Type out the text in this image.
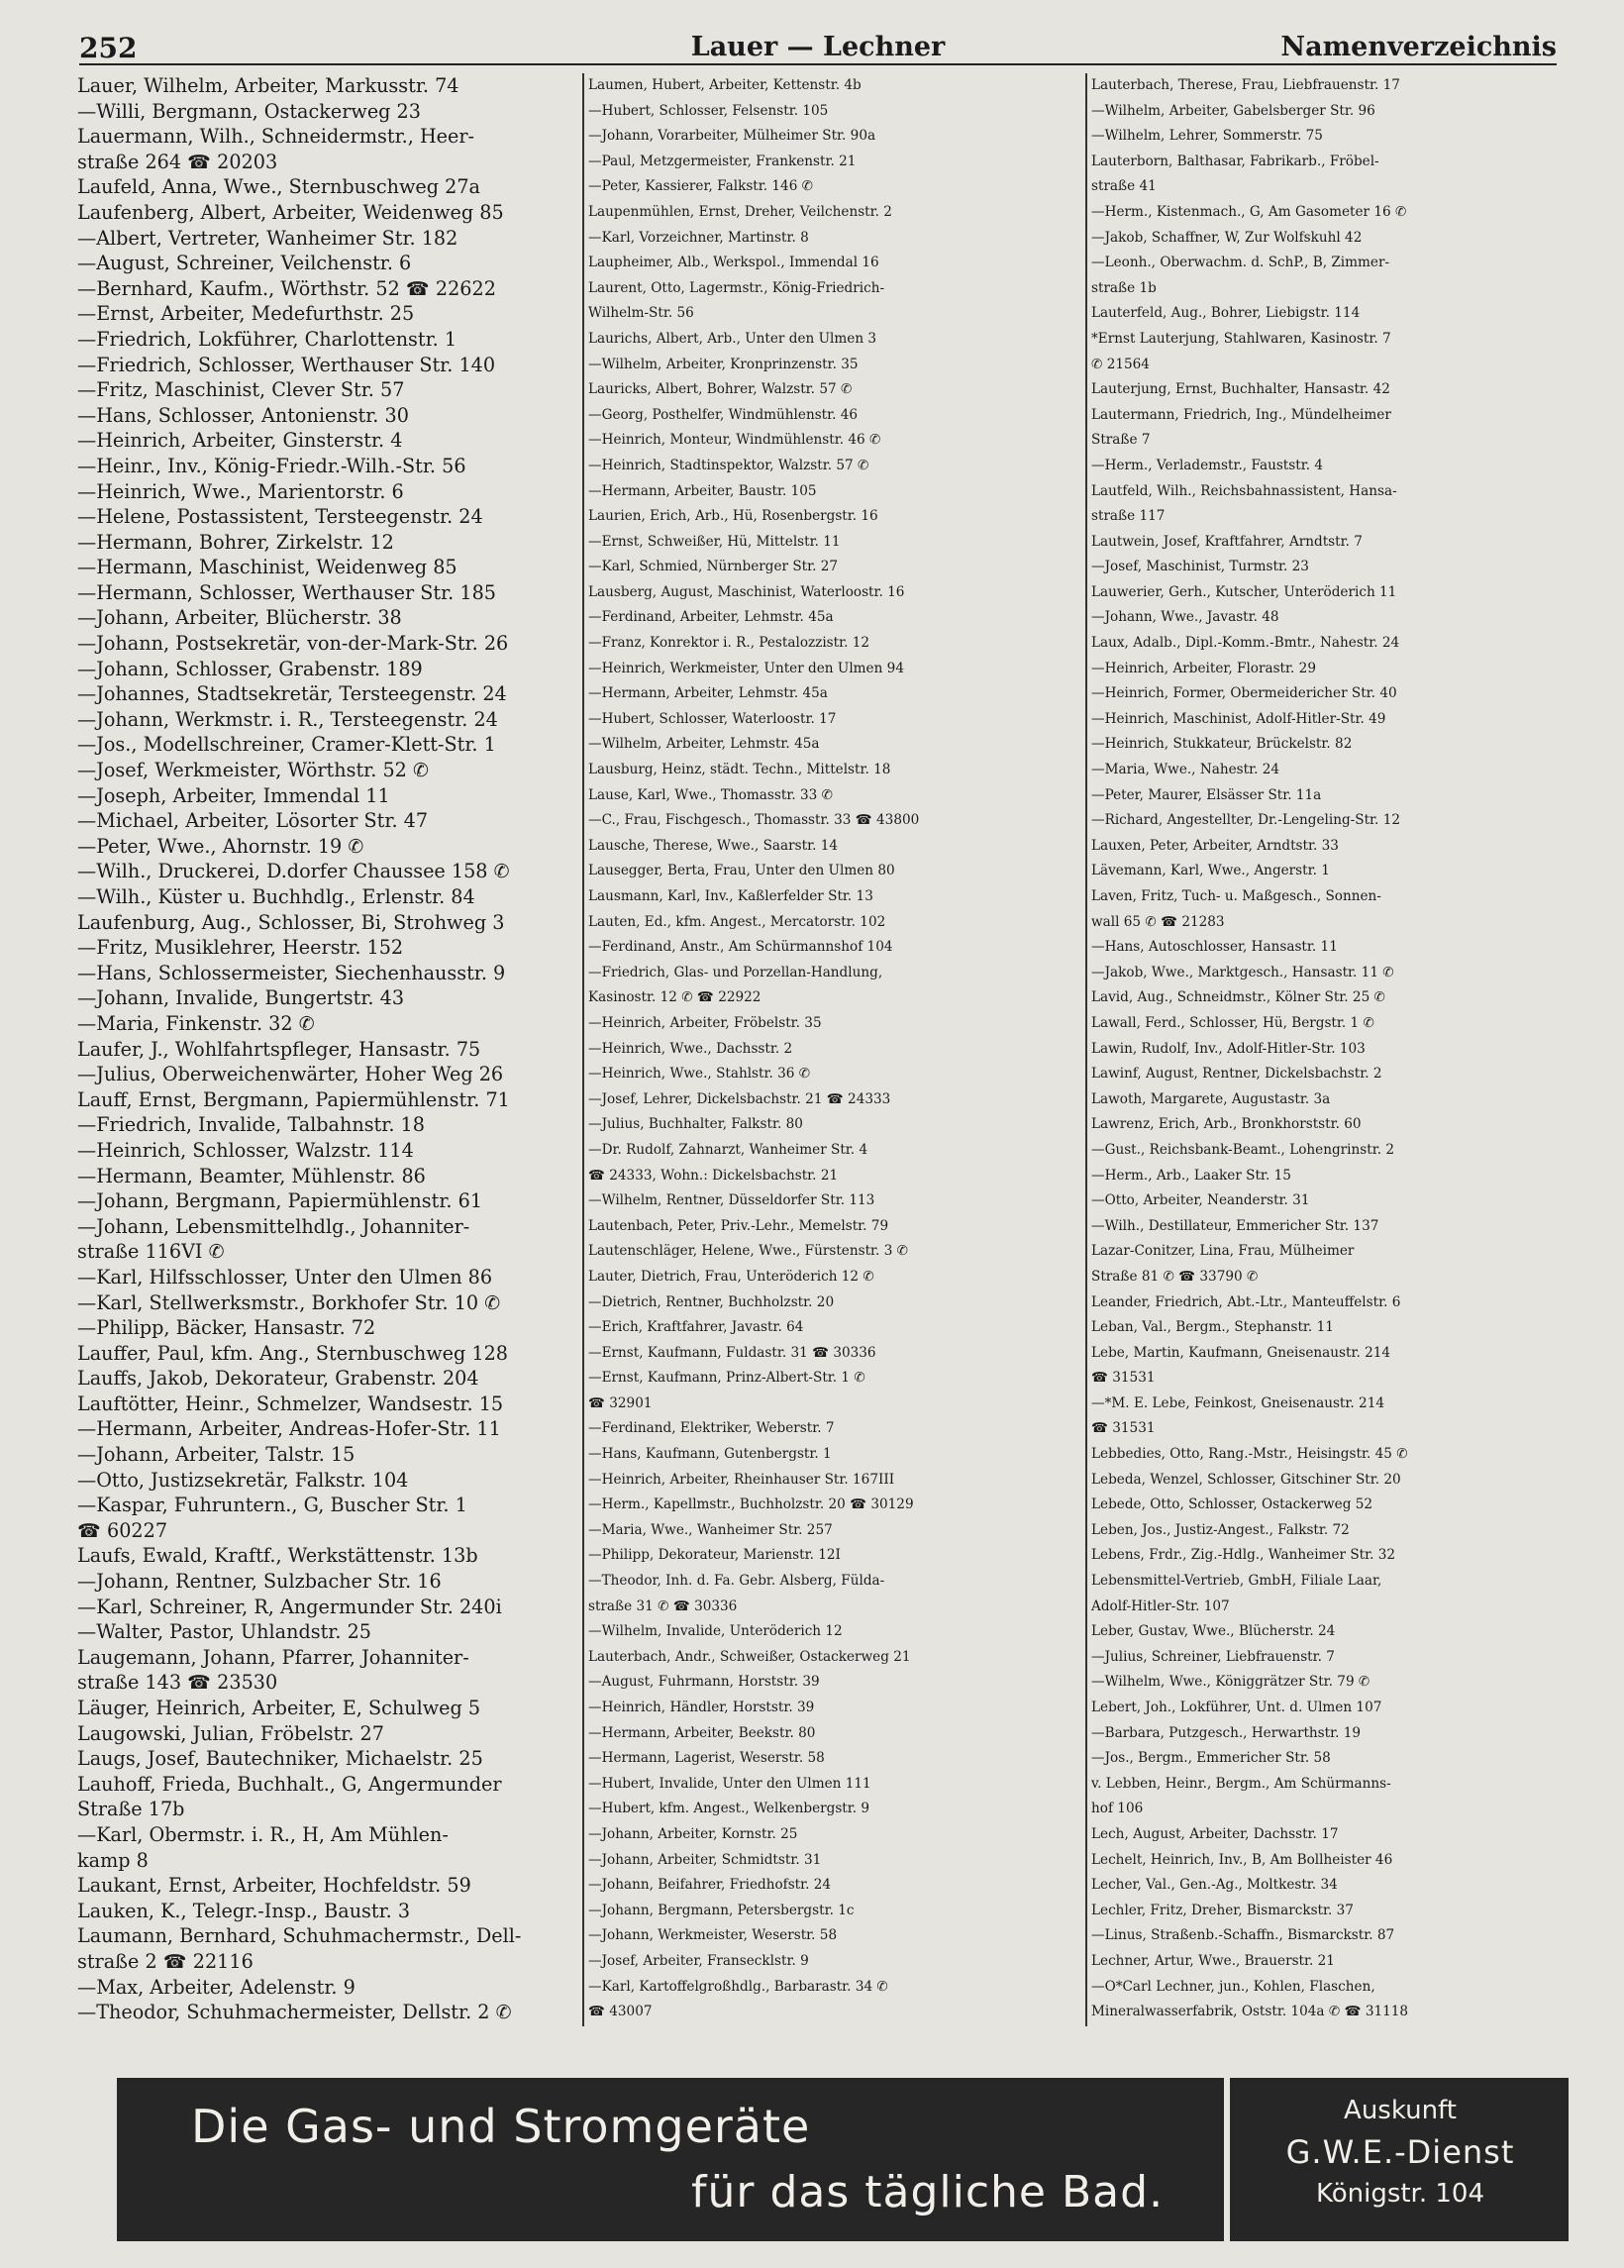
252	Lauer — Lechner	Namenverzeichnis
Lauer, Wilhelm, Arbeiter, Markusstr. 74
—Willi, Bergmann, Ostackerweg 23
Lauermann, Wilh., Schneidermstr., Heer-
straße 264 ☎ 20203
Laufeld, Anna, Wwe., Sternbuschweg 27a
Laufenberg, Albert, Arbeiter, Weidenweg 85
—Albert, Vertreter, Wanheimer Str. 182
—August, Schreiner, Veilchenstr. 6
—Bernhard, Kaufm., Wörthstr. 52 ☎ 22622
—Ernst, Arbeiter, Medefurthstr. 25
—Friedrich, Lokführer, Charlottenstr. 1
—Friedrich, Schlosser, Werthauser Str. 140
—Fritz, Maschinist, Clever Str. 57
—Hans, Schlosser, Antonienstr. 30
—Heinrich, Arbeiter, Ginsterstr. 4
—Heinr., Inv., König-Friedr.-Wilh.-Str. 56
—Heinrich, Wwe., Marientorstr. 6
—Helene, Postassistent, Tersteegenstr. 24
—Hermann, Bohrer, Zirkelstr. 12
—Hermann, Maschinist, Weidenweg 85
—Hermann, Schlosser, Werthauser Str. 185
—Johann, Arbeiter, Blücherstr. 38
—Johann, Postsekretär, von-der-Mark-Str. 26
—Johann, Schlosser, Grabenstr. 189
—Johannes, Stadtsekretär, Tersteegenstr. 24
—Johann, Werkmstr. i. R., Tersteegenstr. 24
—Jos., Modellschreiner, Cramer-Klett-Str. 1
—Josef, Werkmeister, Wörthstr. 52 ✆
—Joseph, Arbeiter, Immendal 11
—Michael, Arbeiter, Lösorter Str. 47
—Peter, Wwe., Ahornstr. 19 ✆
—Wilh., Druckerei, D.dorfer Chaussee 158 ✆
—Wilh., Küster u. Buchhdlg., Erlenstr. 84
Laufenburg, Aug., Schlosser, Bi, Strohweg 3
—Fritz, Musiklehrer, Heerstr. 152
—Hans, Schlossermeister, Siechenhausstr. 9
—Johann, Invalide, Bungertstr. 43
—Maria, Finkenstr. 32 ✆
Laufer, J., Wohlfahrtspfleger, Hansastr. 75
—Julius, Oberweichenwärter, Hoher Weg 26
Lauff, Ernst, Bergmann, Papiermühlenstr. 71
—Friedrich, Invalide, Talbahnstr. 18
—Heinrich, Schlosser, Walzstr. 114
—Hermann, Beamter, Mühlenstr. 86
—Johann, Bergmann, Papiermühlenstr. 61
—Johann, Lebensmittelhdlg., Johanniter-
straße 116VI ✆
—Karl, Hilfsschlosser, Unter den Ulmen 86
—Karl, Stellwerksmstr., Borkhofer Str. 10 ✆
—Philipp, Bäcker, Hansastr. 72
Lauffer, Paul, kfm. Ang., Sternbuschweg 128
Lauffs, Jakob, Dekorateur, Grabenstr. 204
Lauftötter, Heinr., Schmelzer, Wandsestr. 15
—Hermann, Arbeiter, Andreas-Hofer-Str. 11
—Johann, Arbeiter, Talstr. 15
—Otto, Justizsekretär, Falkstr. 104
—Kaspar, Fuhruntern., G, Buscher Str. 1
☎ 60227
Laufs, Ewald, Kraftf., Werkstättenstr. 13b
—Johann, Rentner, Sulzbacher Str. 16
—Karl, Schreiner, R, Angermunder Str. 240i
—Walter, Pastor, Uhlandstr. 25
Laugemann, Johann, Pfarrer, Johanniter-
straße 143 ☎ 23530
Läuger, Heinrich, Arbeiter, E, Schulweg 5
Laugowski, Julian, Fröbelstr. 27
Laugs, Josef, Bautechniker, Michaelstr. 25
Lauhoff, Frieda, Buchhalt., G, Angermunder
Straße 17b
—Karl, Obermstr. i. R., H, Am Mühlen-
kamp 8
Laukant, Ernst, Arbeiter, Hochfeldstr. 59
Lauken, K., Telegr.-Insp., Baustr. 3
Laumann, Bernhard, Schuhmachermstr., Dell-
straße 2 ☎ 22116
—Max, Arbeiter, Adelenstr. 9
—Theodor, Schuhmachermeister, Dellstr. 2 ✆
Laumen, Hubert, Arbeiter, Kettenstr. 4b
—Hubert, Schlosser, Felsenstr. 105
—Johann, Vorarbeiter, Mülheimer Str. 90a
—Paul, Metzgermeister, Frankenstr. 21
—Peter, Kassierer, Falkstr. 146 ✆
Laupenmühlen, Ernst, Dreher, Veilchenstr. 2
—Karl, Vorzeichner, Martinstr. 8
Laupheimer, Alb., Werkspol., Immendal 16
Laurent, Otto, Lagermstr., König-Friedrich-
Wilhelm-Str. 56
Laurichs, Albert, Arb., Unter den Ulmen 3
—Wilhelm, Arbeiter, Kronprinzenstr. 35
Lauricks, Albert, Bohrer, Walzstr. 57 ✆
—Georg, Posthelfer, Windmühlenstr. 46
—Heinrich, Monteur, Windmühlenstr. 46 ✆
—Heinrich, Stadtinspektor, Walzstr. 57 ✆
—Hermann, Arbeiter, Baustr. 105
Laurien, Erich, Arb., Hü, Rosenbergstr. 16
—Ernst, Schweißer, Hü, Mittelstr. 11
—Karl, Schmied, Nürnberger Str. 27
Lausberg, August, Maschinist, Waterloostr. 16
—Ferdinand, Arbeiter, Lehmstr. 45a
—Franz, Konrektor i. R., Pestalozzistr. 12
—Heinrich, Werkmeister, Unter den Ulmen 94
—Hermann, Arbeiter, Lehmstr. 45a
—Hubert, Schlosser, Waterloostr. 17
—Wilhelm, Arbeiter, Lehmstr. 45a
Lausburg, Heinz, städt. Techn., Mittelstr. 18
Lause, Karl, Wwe., Thomasstr. 33 ✆
—C., Frau, Fischgesch., Thomasstr. 33 ☎ 43800
Lausche, Therese, Wwe., Saarstr. 14
Lausegger, Berta, Frau, Unter den Ulmen 80
Lausmann, Karl, Inv., Kaßlerfelder Str. 13
Lauten, Ed., kfm. Angest., Mercatorstr. 102
—Ferdinand, Anstr., Am Schürmannshof 104
—Friedrich, Glas- und Porzellan-Handlung,
Kasinostr. 12 ✆ ☎ 22922
—Heinrich, Arbeiter, Fröbelstr. 35
—Heinrich, Wwe., Dachsstr. 2
—Heinrich, Wwe., Stahlstr. 36 ✆
—Josef, Lehrer, Dickelsbachstr. 21 ☎ 24333
—Julius, Buchhalter, Falkstr. 80
—Dr. Rudolf, Zahnarzt, Wanheimer Str. 4
☎ 24333, Wohn.: Dickelsbachstr. 21
—Wilhelm, Rentner, Düsseldorfer Str. 113
Lautenbach, Peter, Priv.-Lehr., Memelstr. 79
Lautenschläger, Helene, Wwe., Fürstenstr. 3 ✆
Lauter, Dietrich, Frau, Unteröderich 12 ✆
—Dietrich, Rentner, Buchholzstr. 20
—Erich, Kraftfahrer, Javastr. 64
—Ernst, Kaufmann, Fuldastr. 31 ☎ 30336
—Ernst, Kaufmann, Prinz-Albert-Str. 1 ✆
☎ 32901
—Ferdinand, Elektriker, Weberstr. 7
—Hans, Kaufmann, Gutenbergstr. 1
—Heinrich, Arbeiter, Rheinhauser Str. 167III
—Herm., Kapellmstr., Buchholzstr. 20 ☎ 30129
—Maria, Wwe., Wanheimer Str. 257
—Philipp, Dekorateur, Marienstr. 12I
—Theodor, Inh. d. Fa. Gebr. Alsberg, Fülda-
straße 31 ✆ ☎ 30336
—Wilhelm, Invalide, Unteröderich 12
Lauterbach, Andr., Schweißer, Ostackerweg 21
—August, Fuhrmann, Horststr. 39
—Heinrich, Händler, Horststr. 39
—Hermann, Arbeiter, Beekstr. 80
—Hermann, Lagerist, Weserstr. 58
—Hubert, Invalide, Unter den Ulmen 111
—Hubert, kfm. Angest., Welkenbergstr. 9
—Johann, Arbeiter, Kornstr. 25
—Johann, Arbeiter, Schmidtstr. 31
—Johann, Beifahrer, Friedhofstr. 24
—Johann, Bergmann, Petersbergstr. 1c
—Johann, Werkmeister, Weserstr. 58
—Josef, Arbeiter, Fransecklstr. 9
—Karl, Kartoffelgroßhdlg., Barbarastr. 34 ✆
☎ 43007
Lauterbach, Therese, Frau, Liebfrauenstr. 17
—Wilhelm, Arbeiter, Gabelsberger Str. 96
—Wilhelm, Lehrer, Sommerstr. 75
Lauterborn, Balthasar, Fabrikarb., Fröbel-
straße 41
—Herm., Kistenmach., G, Am Gasometer 16 ✆
—Jakob, Schaffner, W, Zur Wolfskuhl 42
—Leonh., Oberwachm. d. SchP., B, Zimmer-
straße 1b
Lauterfeld, Aug., Bohrer, Liebigstr. 114
*Ernst Lauterjung, Stahlwaren, Kasinostr. 7
✆ 21564
Lauterjung, Ernst, Buchhalter, Hansastr. 42
Lautermann, Friedrich, Ing., Mündelheimer
Straße 7
—Herm., Verlademstr., Fauststr. 4
Lautfeld, Wilh., Reichsbahnassistent, Hansa-
straße 117
Lautwein, Josef, Kraftfahrer, Arndtstr. 7
—Josef, Maschinist, Turmstr. 23
Lauwerier, Gerh., Kutscher, Unteröderich 11
—Johann, Wwe., Javastr. 48
Laux, Adalb., Dipl.-Komm.-Bmtr., Nahestr. 24
—Heinrich, Arbeiter, Florastr. 29
—Heinrich, Former, Obermeidericher Str. 40
—Heinrich, Maschinist, Adolf-Hitler-Str. 49
—Heinrich, Stukkateur, Brückelstr. 82
—Maria, Wwe., Nahestr. 24
—Peter, Maurer, Elsässer Str. 11a
—Richard, Angestellter, Dr.-Lengeling-Str. 12
Lauxen, Peter, Arbeiter, Arndtstr. 33
Lävemann, Karl, Wwe., Angerstr. 1
Laven, Fritz, Tuch- u. Maßgesch., Sonnen-
wall 65 ✆ ☎ 21283
—Hans, Autoschlosser, Hansastr. 11
—Jakob, Wwe., Marktgesch., Hansastr. 11 ✆
Lavid, Aug., Schneidmstr., Kölner Str. 25 ✆
Lawall, Ferd., Schlosser, Hü, Bergstr. 1 ✆
Lawin, Rudolf, Inv., Adolf-Hitler-Str. 103
Lawinf, August, Rentner, Dickelsbachstr. 2
Lawoth, Margarete, Augustastr. 3a
Lawrenz, Erich, Arb., Bronkhorststr. 60
—Gust., Reichsbank-Beamt., Lohengrinstr. 2
—Herm., Arb., Laaker Str. 15
—Otto, Arbeiter, Neanderstr. 31
—Wilh., Destillateur, Emmericher Str. 137
Lazar-Conitzer, Lina, Frau, Mülheimer
Straße 81 ✆ ☎ 33790 ✆
Leander, Friedrich, Abt.-Ltr., Manteuffelstr. 6
Leban, Val., Bergm., Stephanstr. 11
Lebe, Martin, Kaufmann, Gneisenaustr. 214
☎ 31531
—*M. E. Lebe, Feinkost, Gneisenaustr. 214
☎ 31531
Lebbedies, Otto, Rang.-Mstr., Heisingstr. 45 ✆
Lebeda, Wenzel, Schlosser, Gitschiner Str. 20
Lebede, Otto, Schlosser, Ostackerweg 52
Leben, Jos., Justiz-Angest., Falkstr. 72
Lebens, Frdr., Zig.-Hdlg., Wanheimer Str. 32
Lebensmittel-Vertrieb, GmbH, Filiale Laar,
Adolf-Hitler-Str. 107
Leber, Gustav, Wwe., Blücherstr. 24
—Julius, Schreiner, Liebfrauenstr. 7
—Wilhelm, Wwe., Königgrätzer Str. 79 ✆
Lebert, Joh., Lokführer, Unt. d. Ulmen 107
—Barbara, Putzgesch., Herwarthstr. 19
—Jos., Bergm., Emmericher Str. 58
v. Lebben, Heinr., Bergm., Am Schürmanns-
hof 106
Lech, August, Arbeiter, Dachsstr. 17
Lechelt, Heinrich, Inv., B, Am Bollheister 46
Lecher, Val., Gen.-Ag., Moltkestr. 34
Lechler, Fritz, Dreher, Bismarckstr. 37
—Linus, Straßenb.-Schaffn., Bismarckstr. 87
Lechner, Artur, Wwe., Brauerstr. 21
—O*Carl Lechner, jun., Kohlen, Flaschen,
Mineralwasserfabrik, Oststr. 104a ✆ ☎ 31118
Die Gas- und Stromgeräte
für das tägliche Bad.
Auskunft
G.W.E.-Dienst
Königstr. 104
